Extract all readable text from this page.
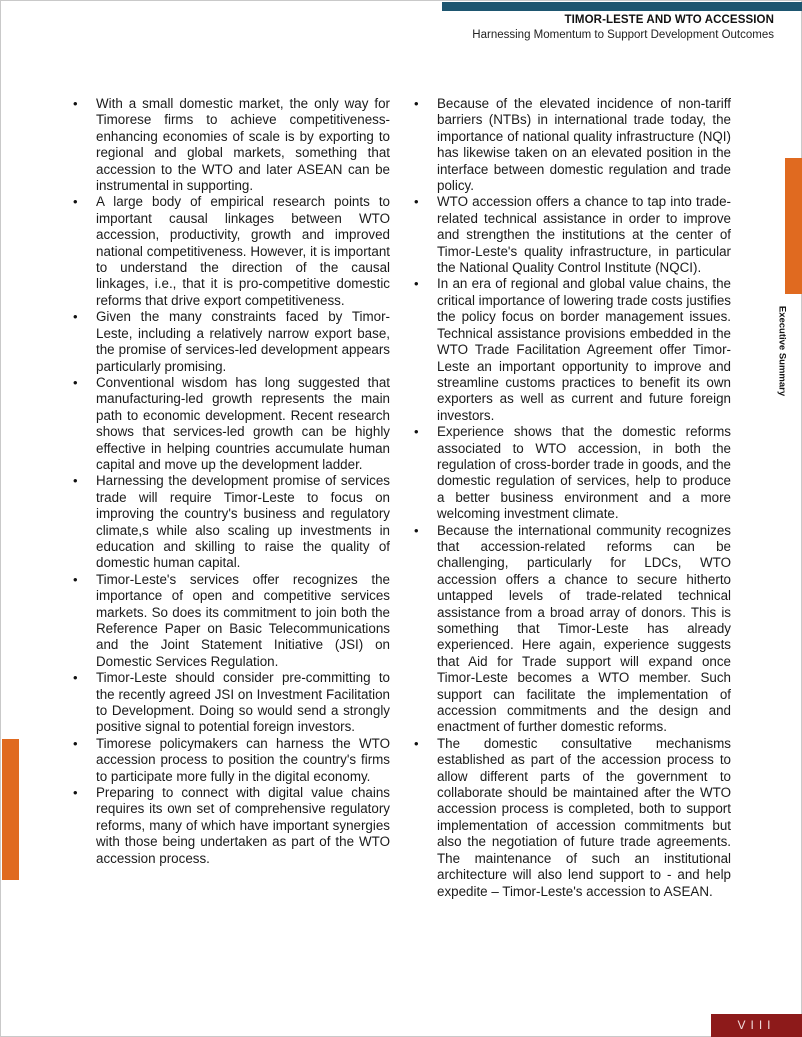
TIMOR-LESTE AND WTO ACCESSION
Harnessing Momentum to Support Development Outcomes
Executive Summary
• With a small domestic market, the only way for Timorese firms to achieve competitiveness-enhancing economies of scale is by exporting to regional and global markets, something that accession to the WTO and later ASEAN can be instrumental in supporting.
• A large body of empirical research points to important causal linkages between WTO accession, productivity, growth and improved national competitiveness. However, it is important to understand the direction of the causal linkages, i.e., that it is pro-competitive domestic reforms that drive export competitiveness.
• Given the many constraints faced by Timor-Leste, including a relatively narrow export base, the promise of services-led development appears particularly promising.
• Conventional wisdom has long suggested that manufacturing-led growth represents the main path to economic development. Recent research shows that services-led growth can be highly effective in helping countries accumulate human capital and move up the development ladder.
• Harnessing the development promise of services trade will require Timor-Leste to focus on improving the country's business and regulatory climate,s while also scaling up investments in education and skilling to raise the quality of domestic human capital.
• Timor-Leste's services offer recognizes the importance of open and competitive services markets. So does its commitment to join both the Reference Paper on Basic Telecommunications and the Joint Statement Initiative (JSI) on Domestic Services Regulation.
• Timor-Leste should consider pre-committing to the recently agreed JSI on Investment Facilitation to Development. Doing so would send a strongly positive signal to potential foreign investors.
• Timorese policymakers can harness the WTO accession process to position the country's firms to participate more fully in the digital economy.
• Preparing to connect with digital value chains requires its own set of comprehensive regulatory reforms, many of which have important synergies with those being undertaken as part of the WTO accession process.
• Because of the elevated incidence of non-tariff barriers (NTBs) in international trade today, the importance of national quality infrastructure (NQI) has likewise taken on an elevated position in the interface between domestic regulation and trade policy.
• WTO accession offers a chance to tap into trade-related technical assistance in order to improve and strengthen the institutions at the center of Timor-Leste's quality infrastructure, in particular the National Quality Control Institute (NQCI).
• In an era of regional and global value chains, the critical importance of lowering trade costs justifies the policy focus on border management issues. Technical assistance provisions embedded in the WTO Trade Facilitation Agreement offer Timor-Leste an important opportunity to improve and streamline customs practices to benefit its own exporters as well as current and future foreign investors.
• Experience shows that the domestic reforms associated to WTO accession, in both the regulation of cross-border trade in goods, and the domestic regulation of services, help to produce a better business environment and a more welcoming investment climate.
• Because the international community recognizes that accession-related reforms can be challenging, particularly for LDCs, WTO accession offers a chance to secure hitherto untapped levels of trade-related technical assistance from a broad array of donors. This is something that Timor-Leste has already experienced. Here again, experience suggests that Aid for Trade support will expand once Timor-Leste becomes a WTO member. Such support can facilitate the implementation of accession commitments and the design and enactment of further domestic reforms.
• The domestic consultative mechanisms established as part of the accession process to allow different parts of the government to collaborate should be maintained after the WTO accession process is completed, both to support implementation of accession commitments but also the negotiation of future trade agreements. The maintenance of such an institutional architecture will also lend support to - and help expedite – Timor-Leste's accession to ASEAN.
VIII
